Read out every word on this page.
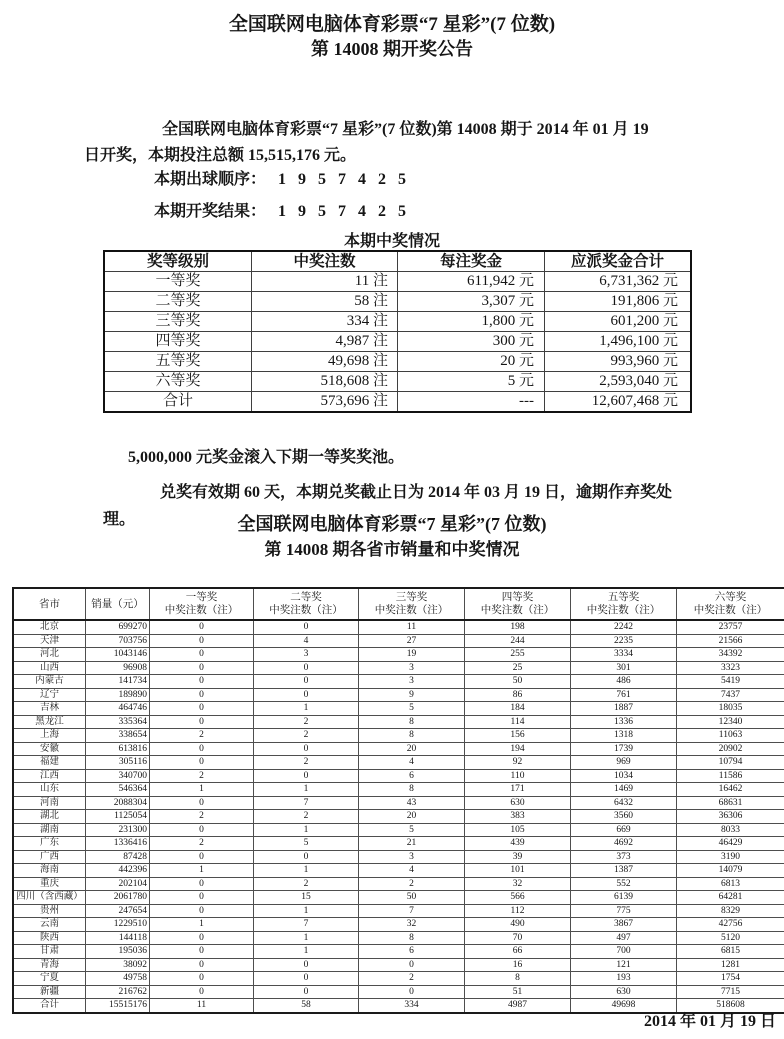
全国联网电脑体育彩票“7 星彩”(7 位数)
第 14008 期开奖公告

全国联网电脑体育彩票“7 星彩”(7 位数)第 14008 期于 2014 年 01 月 19 日开奖，本期投注总额 15,515,176 元。

本期出球顺序： 1 9 5 7 4 2 5
本期开奖结果： 1 9 5 7 4 2 5
本期中奖情况
奖等级别	中奖注数	每注奖金	应派奖金合计
一等奖	11 注	611,942 元	6,731,362 元
二等奖	58 注	3,307 元	191,806 元
三等奖	334 注	1,800 元	601,200 元
四等奖	4,987 注	300 元	1,496,100 元
五等奖	49,698 注	20 元	993,960 元
六等奖	518,608 注	5 元	2,593,040 元
合计	573,696 注	---	12,607,468 元

5,000,000 元奖金滚入下期一等奖奖池。

兑奖有效期 60 天，本期兑奖截止日为 2014 年 03 月 19 日，逾期作弃奖处理。	全国联网电脑体育彩票“7 星彩”(7 位数)
第 14008 期各省市销量和中奖情况
省市	销量（元）

一等奖
中奖注数（注）

二等奖
中奖注数（注）

三等奖
中奖注数（注）

四等奖
中奖注数（注）

五等奖
中奖注数（注）

六等奖
中奖注数（注）

北京	699270	0	0	11	198	2242	23757
天津	703756	0	4	27	244	2235	21566
河北	1043146	0	3	19	255	3334	34392
山西	96908	0	0	3	25	301	3323
内蒙古	141734	0	0	3	50	486	5419
辽宁	189890	0	0	9	86	761	7437
吉林	464746	0	1	5	184	1887	18035
黑龙江	335364	0	2	8	114	1336	12340
上海	338654	2	2	8	156	1318	11063
安徽	613816	0	0	20	194	1739	20902
福建	305116	0	2	4	92	969	10794
江西	340700	2	0	6	110	1034	11586
山东	546364	1	1	8	171	1469	16462
河南	2088304	0	7	43	630	6432	68631
湖北	1125054	2	2	20	383	3560	36306
湖南	231300	0	1	5	105	669	8033
广东	1336416	2	5	21	439	4692	46429
广西	87428	0	0	3	39	373	3190
海南	442396	1	1	4	101	1387	14079
重庆	202104	0	2	2	32	552	6813
四川（含西藏）	2061780	0	15	50	566	6139	64281
贵州	247654	0	1	7	112	775	8329
云南	1229510	1	7	32	490	3867	42756
陕西	144118	0	1	8	70	497	5120
甘肃	195036	0	1	6	66	700	6815
青海	38092	0	0	0	16	121	1281
宁夏	49758	0	0	2	8	193	1754
新疆	216762	0	0	0	51	630	7715
合计	15515176	11	58	334	4987	49698	518608
2014 年 01 月 19 日
